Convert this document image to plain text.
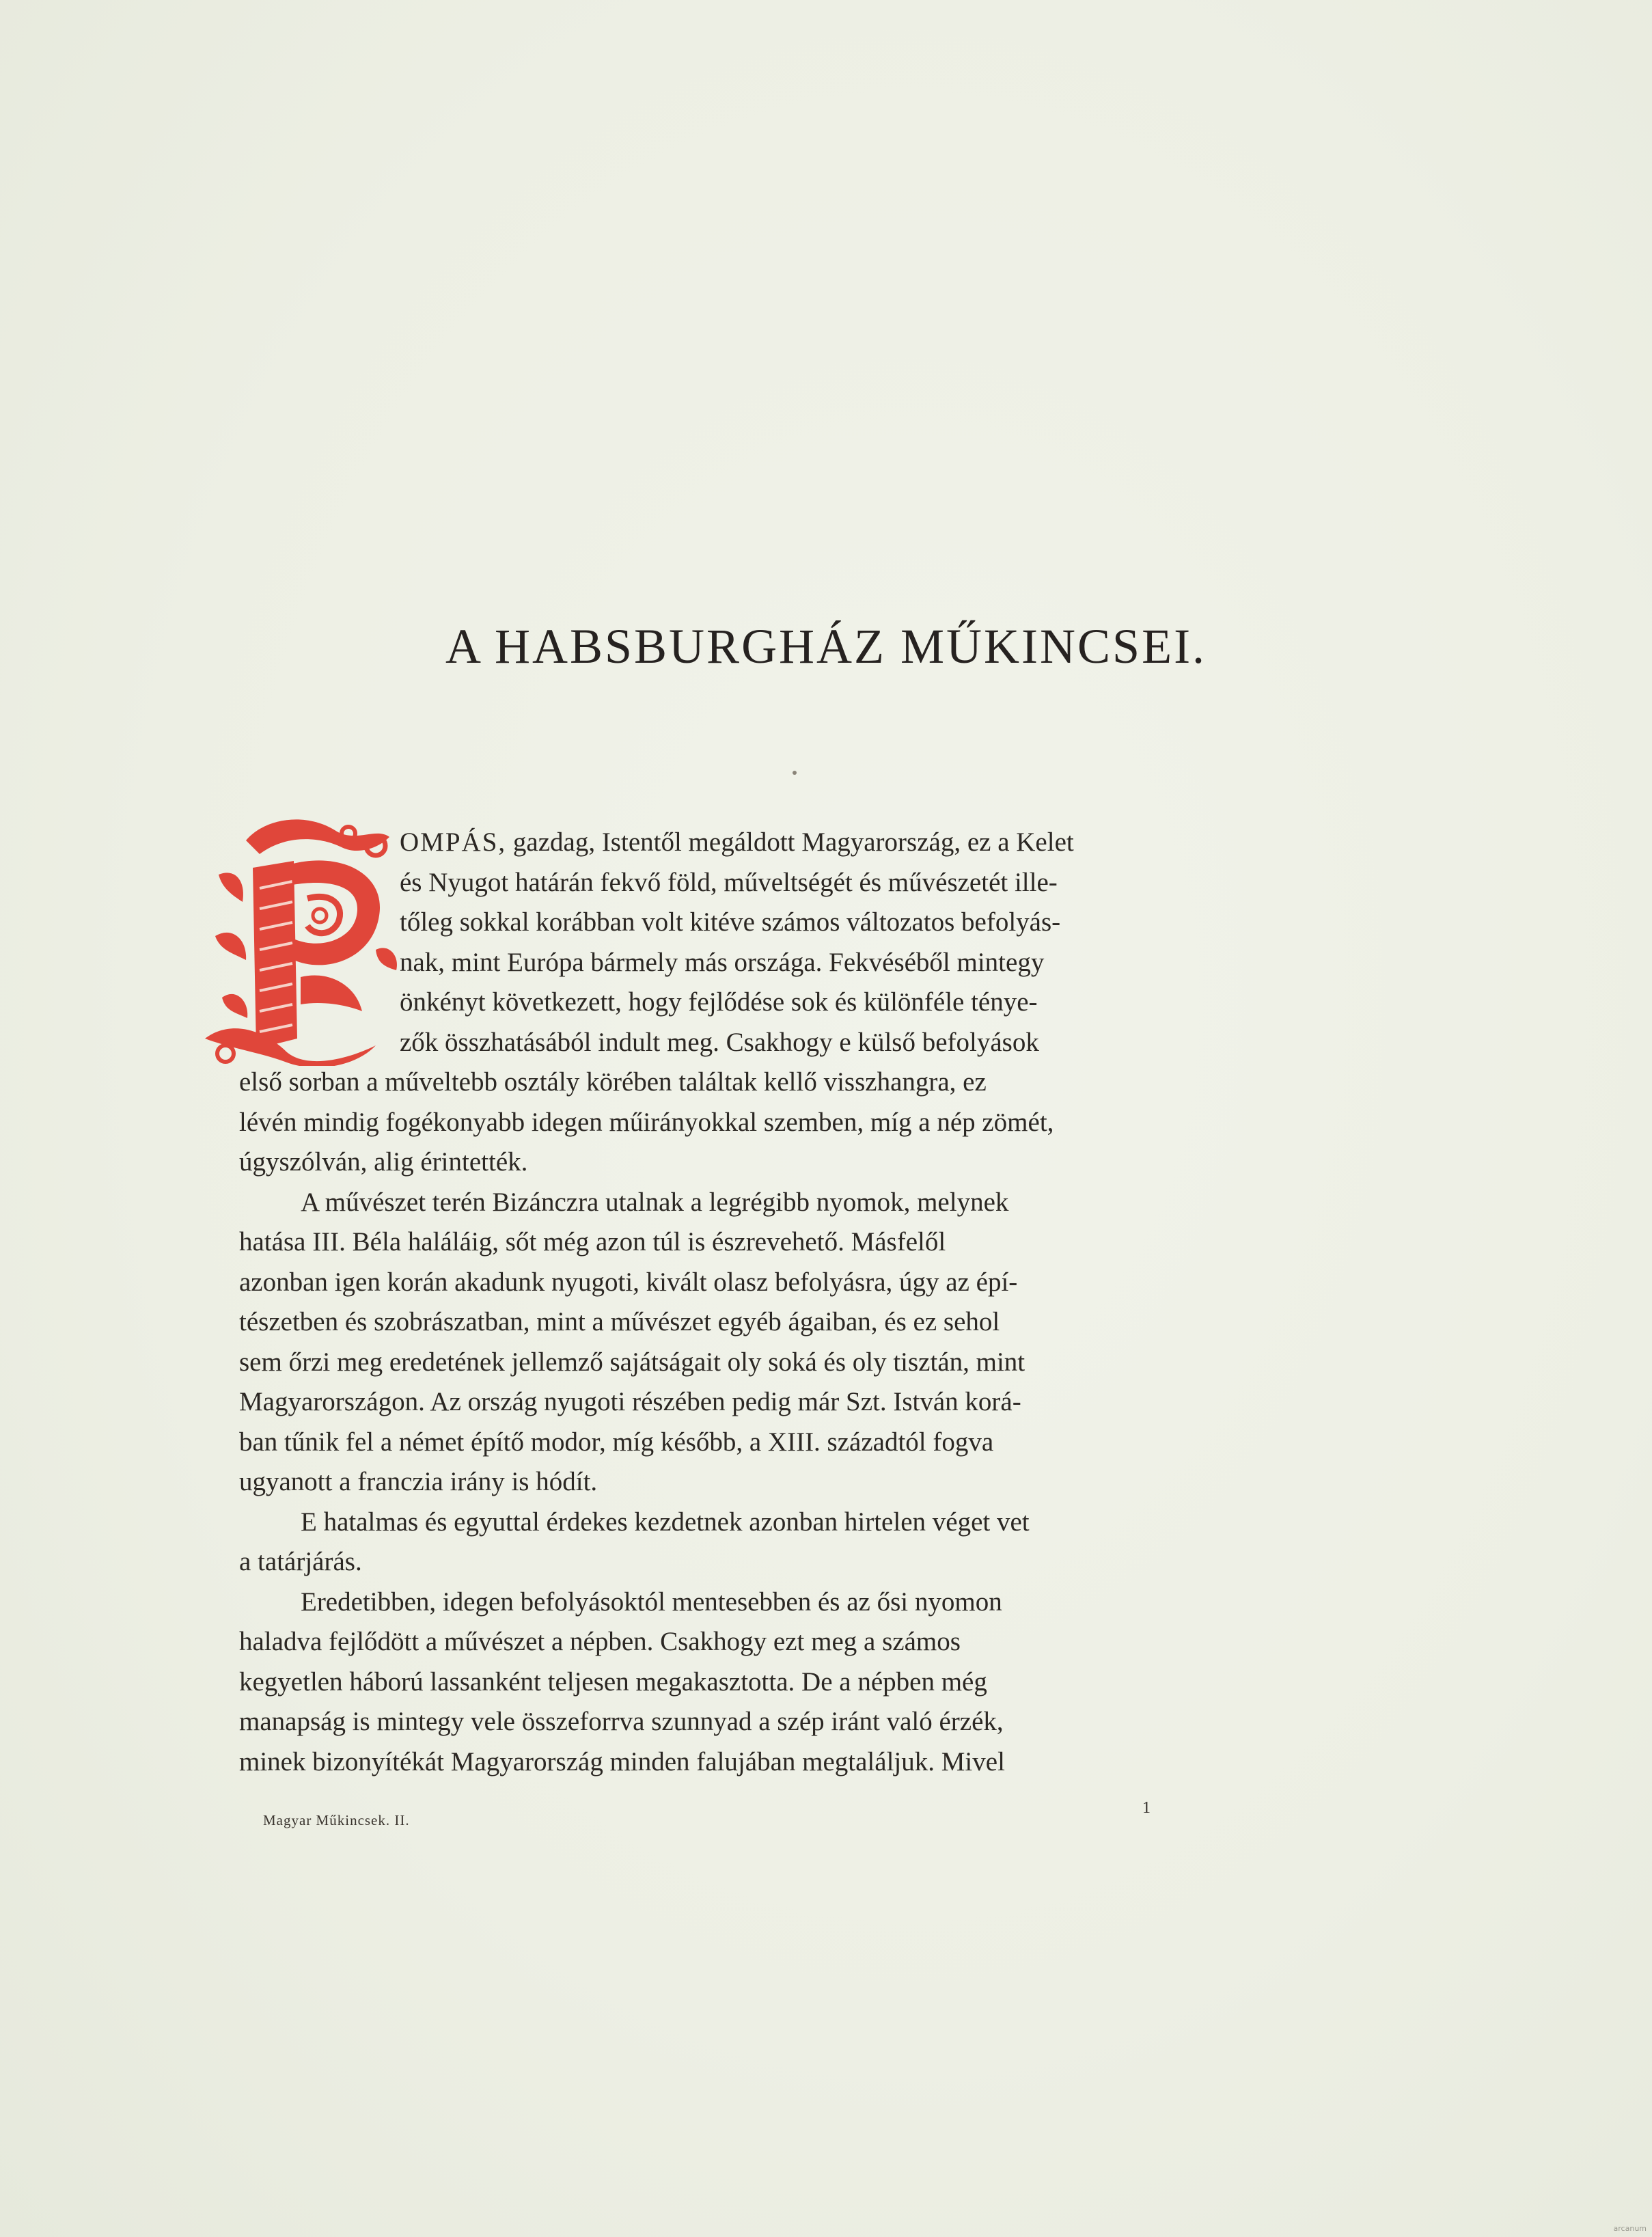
A HABSBURGHÁZ MŰKINCSEI.

OMPÁS, gazdag, Istentől megáldott Magyarország, ez a Kelet

és Nyugot határán fekvő föld, műveltségét és művészetét ille-

tőleg sokkal korábban volt kitéve számos változatos befolyás-

nak, mint Európa bármely más országa. Fekvéséből mintegy

önkényt következett, hogy fejlődése sok és különféle ténye-

zők összhatásából indult meg. Csakhogy e külső befolyások

első sorban a műveltebb osztály körében találtak kellő visszhangra, ez

lévén mindig fogékonyabb idegen műirányokkal szemben, míg a nép zömét,

úgyszólván, alig érintették.

A művészet terén Bizánczra utalnak a legrégibb nyomok, melynek

hatása III. Béla haláláig, sőt még azon túl is észrevehető. Másfelől

azonban igen korán akadunk nyugoti, kivált olasz befolyásra, úgy az épí-

tészetben és szobrászatban, mint a művészet egyéb ágaiban, és ez sehol

sem őrzi meg eredetének jellemző sajátságait oly soká és oly tisztán, mint

Magyarországon. Az ország nyugoti részében pedig már Szt. István korá-

ban tűnik fel a német építő modor, míg később, a XIII. századtól fogva

ugyanott a franczia irány is hódít.

E hatalmas és egyuttal érdekes kezdetnek azonban hirtelen véget vet

a tatárjárás.

Eredetibben, idegen befolyásoktól mentesebben és az ősi nyomon

haladva fejlődött a művészet a népben. Csakhogy ezt meg a számos

kegyetlen háború lassanként teljesen megakasztotta. De a népben még

manapság is mintegy vele összeforrva szunnyad a szép iránt való érzék,

minek bizonyítékát Magyarország minden falujában megtaláljuk. Mivel

1
Magyar Műkincsek. II.
arcanum
